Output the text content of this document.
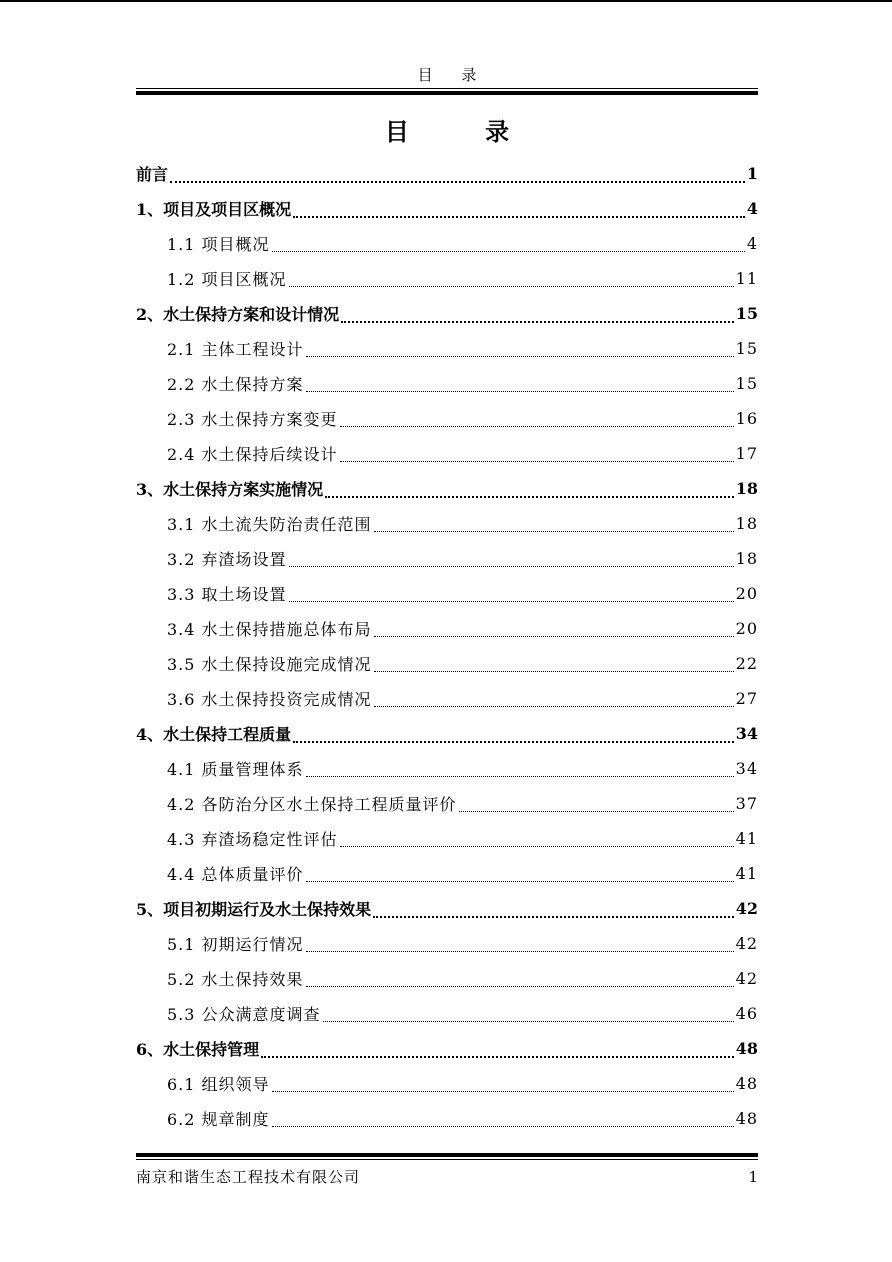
目 录
目 录
前言	1
1、项目及项目区概况	4
1.1 项目概况	4
1.2 项目区概况	11
2、水土保持方案和设计情况	15
2.1 主体工程设计	15
2.2 水土保持方案	15
2.3 水土保持方案变更	16
2.4 水土保持后续设计	17
3、水土保持方案实施情况	18
3.1 水土流失防治责任范围	18
3.2 弃渣场设置	18
3.3 取土场设置	20
3.4 水土保持措施总体布局	20
3.5 水土保持设施完成情况	22
3.6 水土保持投资完成情况	27
4、水土保持工程质量	34
4.1 质量管理体系	34
4.2 各防治分区水土保持工程质量评价	37
4.3 弃渣场稳定性评估	41
4.4 总体质量评价	41
5、项目初期运行及水土保持效果	42
5.1 初期运行情况	42
5.2 水土保持效果	42
5.3 公众满意度调查	46
6、水土保持管理	48
6.1 组织领导	48
6.2 规章制度	48
南京和谐生态工程技术有限公司	1
